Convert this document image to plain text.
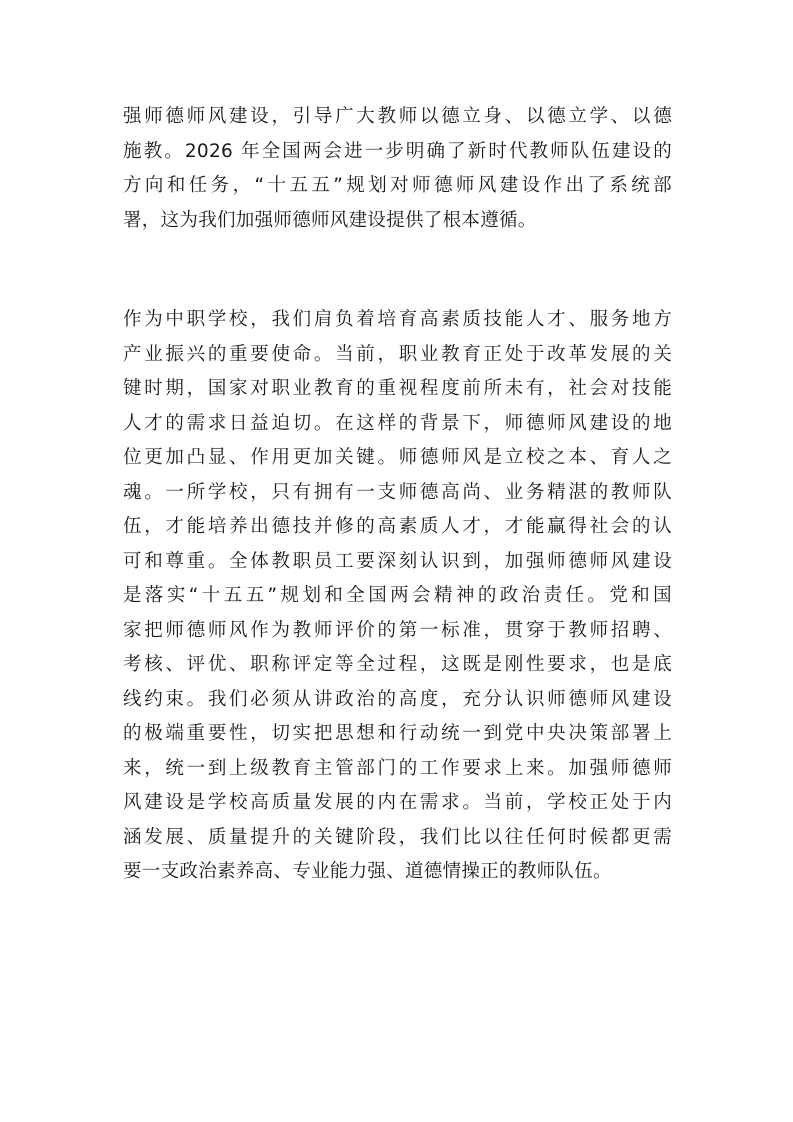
强师德师风建设，引导广大教师以德立身、以德立学、以德
施教。2026 年全国两会进一步明确了新时代教师队伍建设的
方向和任务，“十五五”规划对师德师风建设作出了系统部
署，这为我们加强师德师风建设提供了根本遵循。

作为中职学校，我们肩负着培育高素质技能人才、服务地方
产业振兴的重要使命。当前，职业教育正处于改革发展的关
键时期，国家对职业教育的重视程度前所未有，社会对技能
人才的需求日益迫切。在这样的背景下，师德师风建设的地
位更加凸显、作用更加关键。师德师风是立校之本、育人之
魂。一所学校，只有拥有一支师德高尚、业务精湛的教师队
伍，才能培养出德技并修的高素质人才，才能赢得社会的认
可和尊重。全体教职员工要深刻认识到，加强师德师风建设
是落实“十五五”规划和全国两会精神的政治责任。党和国
家把师德师风作为教师评价的第一标准，贯穿于教师招聘、
考核、评优、职称评定等全过程，这既是刚性要求，也是底
线约束。我们必须从讲政治的高度，充分认识师德师风建设
的极端重要性，切实把思想和行动统一到党中央决策部署上
来，统一到上级教育主管部门的工作要求上来。加强师德师
风建设是学校高质量发展的内在需求。当前，学校正处于内
涵发展、质量提升的关键阶段，我们比以往任何时候都更需
要一支政治素养高、专业能力强、道德情操正的教师队伍。
